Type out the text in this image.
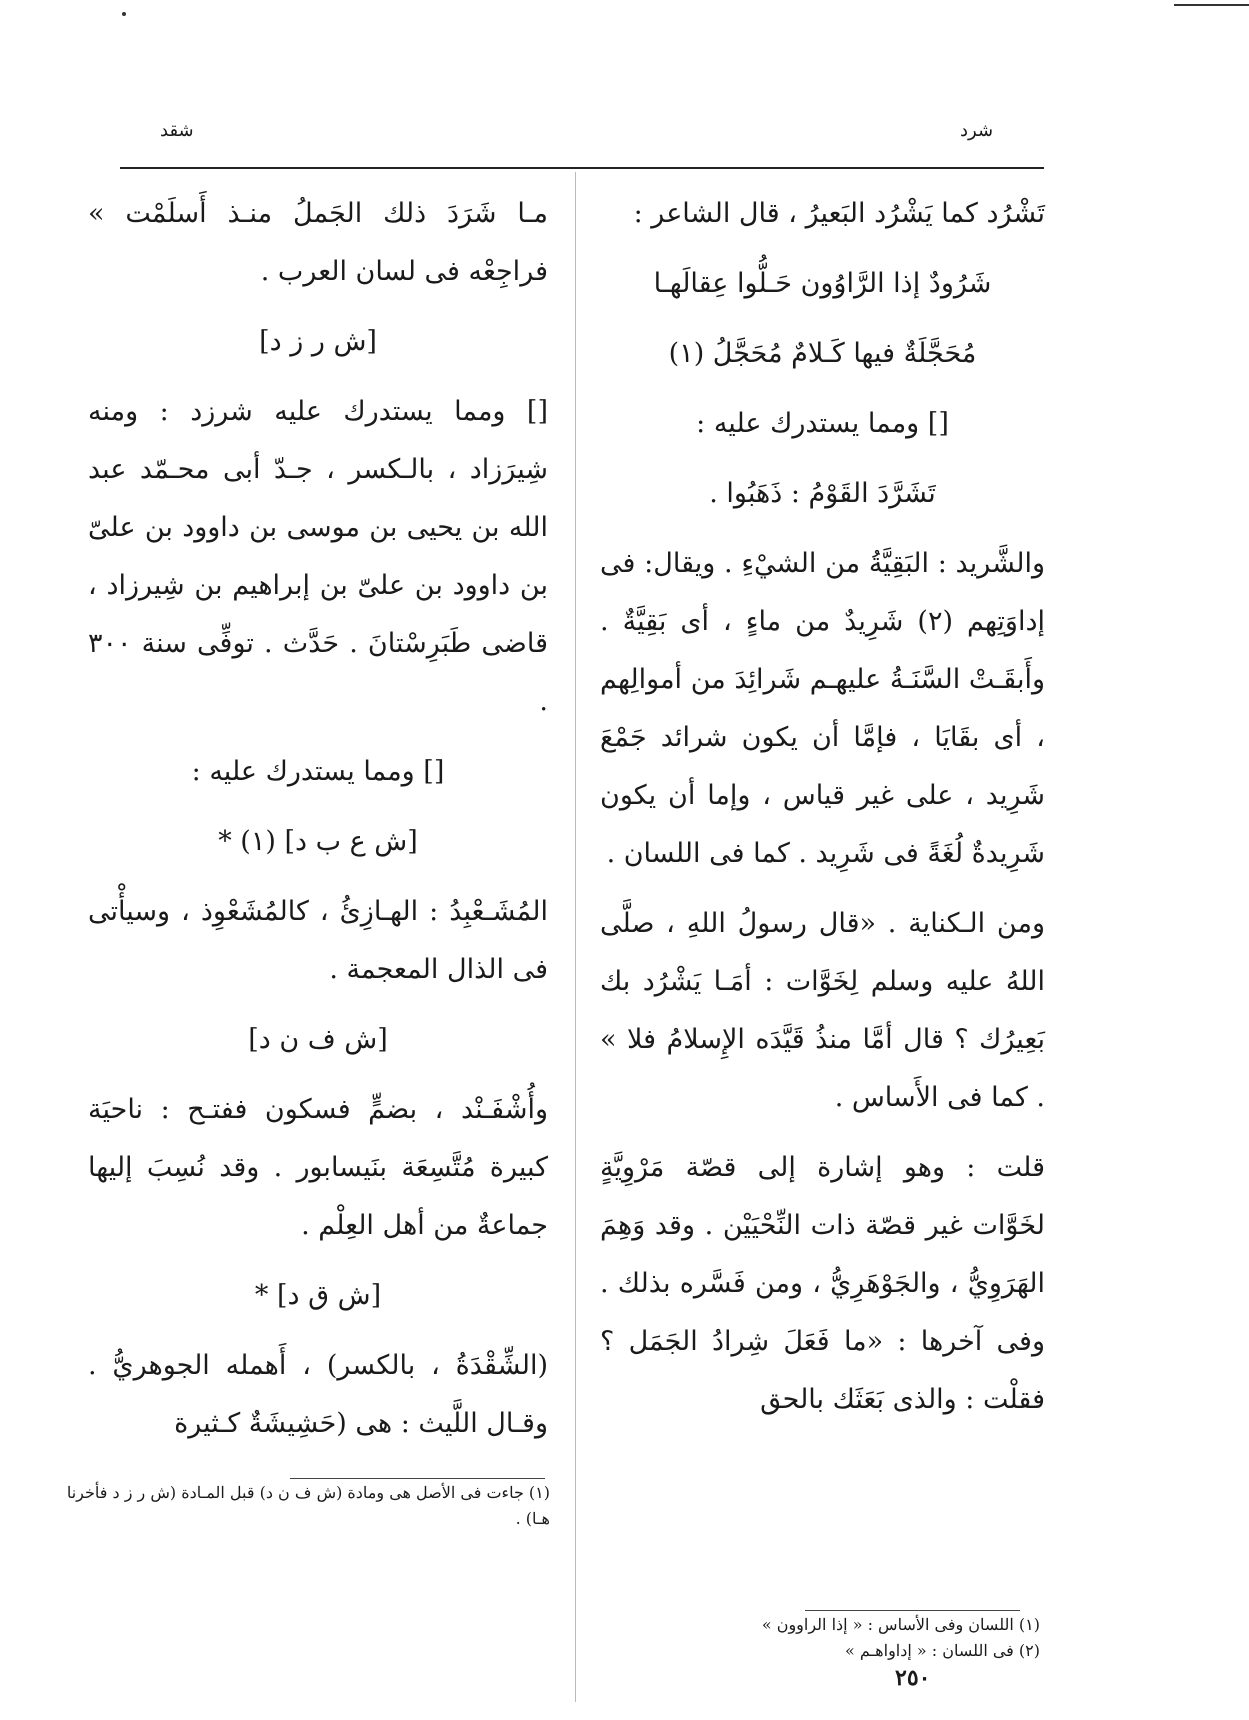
شقد	شرد

تَشْرُد كما يَشْرُد البَعيرُ ، قال الشاعر :

شَرُودٌ إذا الرَّاوُون حَـلُّوا عِقالَهـا

مُحَجَّلَةٌ فيها كَـلامٌ مُحَجَّلُ (١)

[] ومما يستدرك عليه :

تَشَرَّدَ القَوْمُ : ذَهَبُوا .

والشَّريد : البَقِيَّةُ من الشيْءِ . ويقال: فى إداوَتِهم (٢) شَرِيدٌ من ماءٍ ، أى بَقِيَّةٌ . وأَبقَـتْ السَّنَـةُ عليهـم شَرائِدَ من أموالِهم ، أى بقَايَا ، فإمَّا أن يكون شرائد جَمْعَ شَرِيد ، على غير قياس ، وإما أن يكون شَرِيدةٌ لُغَةً فى شَرِيد . كما فى اللسان .

ومن الـكناية . «قال رسولُ اللهِ ، صلَّى اللهُ عليه وسلم لِخَوَّات : أمَـا يَشْرُد بك بَعِيرُك ؟ قال أمَّا منذُ قَيَّدَه الإِسلامُ فلا » . كما فى الأَساس .

قلت : وهو إشارة إلى قصّة مَرْوِيَّةٍ لخَوَّات غير قصّة ذات النِّحْيَيْن . وقد وَهِمَ الهَرَوِيُّ ، والجَوْهَرِيُّ ، ومن فَسَّره بذلك . وفى آخرها : «ما فَعَلَ شِرادُ الجَمَل ؟ فقلْت : والذى بَعَثَك بالحق

مـا شَرَدَ ذلك الجَملُ منـذ أَسلَمْت » فراجِعْه فى لسان العرب .

[ش ر ز د]

[] ومما يستدرك عليه شرزد : ومنه شِيرَزاد ، بالـكسر ، جـدّ أبى محـمّد عبد الله بن يحيى بن موسى بن داوود بن علىّ بن داوود بن علىّ بن إبراهيم بن شِيرزاد ، قاضى طَبَرِسْتانَ . حَدَّث . توفِّى سنة ٣٠٠ .

[] ومما يستدرك عليه :

[ش ع ب د] (١) *

المُشَـعْبِدُ : الهـازِئُ ، كالمُشَعْوِذ ، وسيأْتى فى الذال المعجمة .

[ش ف ن د]

وأُشْفَـنْد ، بضمٍّ فسكون ففتـح : ناحيَة كبيرة مُتَّسِعَة بنَيسابور . وقد نُسِبَ إليها جماعةٌ من أهل العِلْم .

[ش ق د] *

(الشِّقْدَةُ ، بالكسر) ، أَهمله الجوهريُّ . وقـال اللَّيث : هى (حَشِيشَةٌ كـثيرة

(١) جاءت فى الأصل هى ومادة (ش ف ن د) قبل المـادة (ش ر ز د فأخرنا هـا) .

(١) اللسان وفى الأساس : « إذا الراوون »

(٢) فى اللسان : « إداواهـم »

٢٥٠
